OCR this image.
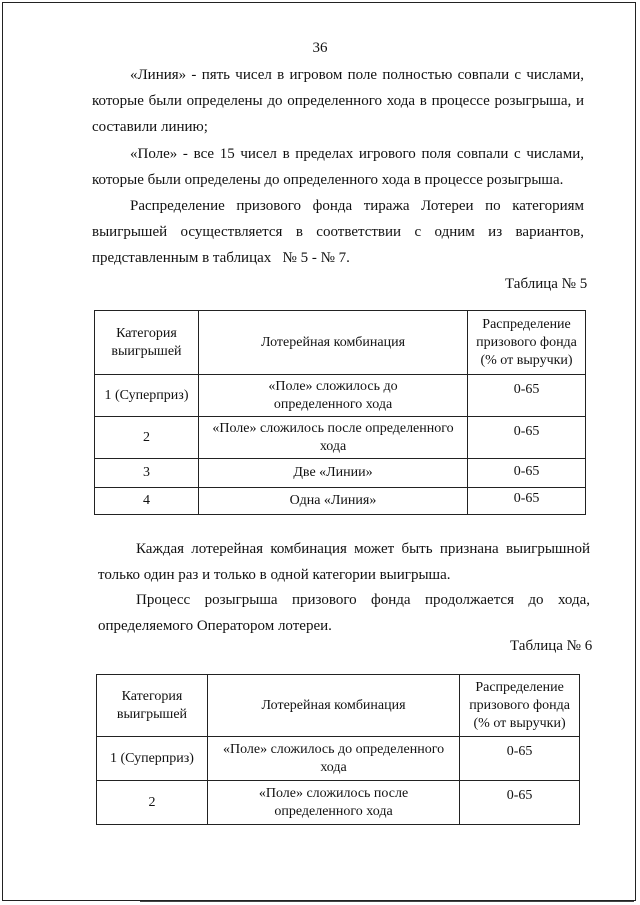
36
«Линия» - пять чисел в игровом поле полностью совпали с числами,
которые были определены до определенного хода в процессе розыгрыша, и
составили линию;
«Поле» - все 15 чисел в пределах игрового поля совпали с числами,
которые были определены до определенного хода в процессе розыгрыша.
Распределение призового фонда тиража Лотереи по категориям
выигрышей осуществляется в соответствии с одним из вариантов,
представленным в таблицах   № 5 - № 7.
Таблица № 5
Категория выигрышей	Лотерейная комбинация	Распределение призового фонда (% от выручки)
1 (Суперприз)	«Поле» сложилось до определенного хода	0-65
2	«Поле» сложилось после определенного хода	0-65
3	Две «Линии»	0-65
4	Одна «Линия»	0-65
Каждая лотерейная комбинация может быть признана выигрышной
только один раз и только в одной категории выигрыша.
Процесс розыгрыша призового фонда продолжается до хода,
определяемого Оператором лотереи.
Таблица № 6
Категория выигрышей	Лотерейная комбинация	Распределение призового фонда (% от выручки)
1 (Суперприз)	«Поле» сложилось до определенного хода	0-65
2	«Поле» сложилось после определенного хода	0-65
